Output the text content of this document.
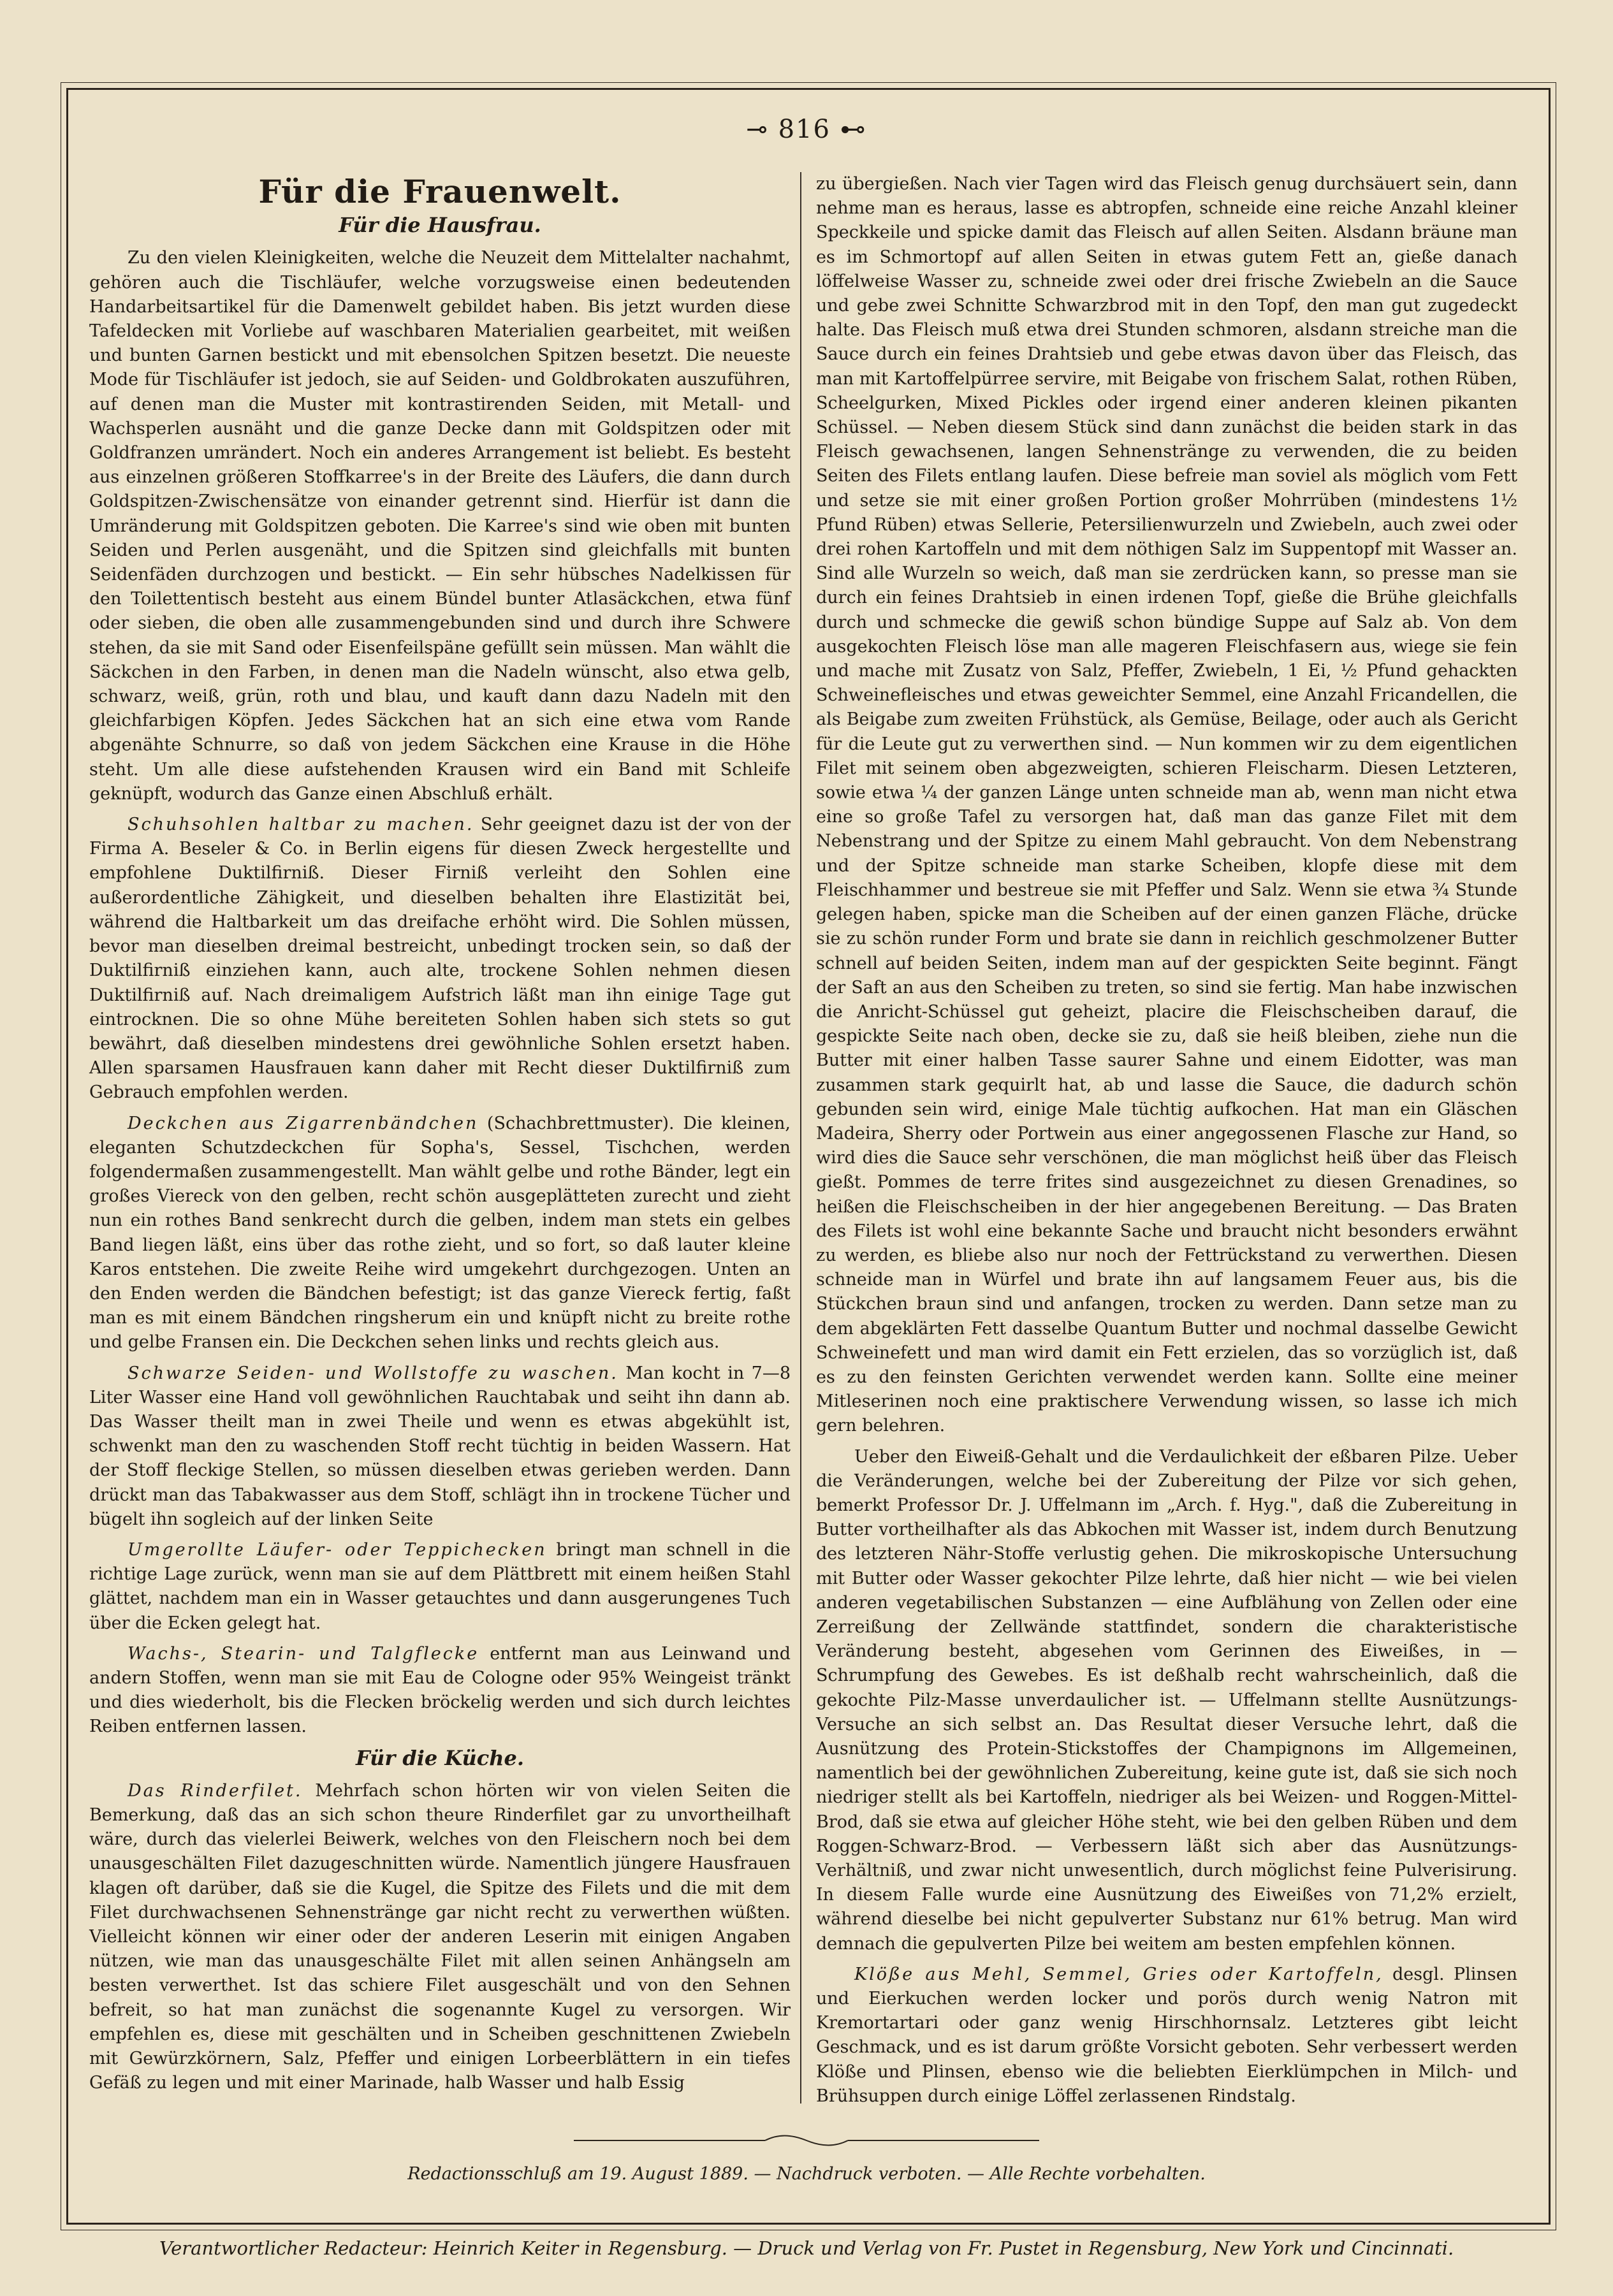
⊸ 816 ⊷
Für die Frauenwelt.
Für die Hausfrau.

Zu den vielen Kleinigkeiten, welche die Neuzeit dem Mittelalter nachahmt, gehören auch die Tischläufer, welche vorzugsweise einen bedeutenden Handarbeitsartikel für die Damenwelt gebildet haben. Bis jetzt wurden diese Tafeldecken mit Vorliebe auf waschbaren Materialien gearbeitet, mit weißen und bunten Garnen bestickt und mit ebensolchen Spitzen besetzt. Die neueste Mode für Tischläufer ist jedoch, sie auf Seiden- und Goldbrokaten auszuführen, auf denen man die Muster mit kontrastirenden Seiden, mit Metall- und Wachsperlen ausnäht und die ganze Decke dann mit Goldspitzen oder mit Goldfranzen umrändert. Noch ein anderes Arrangement ist beliebt. Es besteht aus einzelnen größeren Stoffkarree's in der Breite des Läufers, die dann durch Goldspitzen-Zwischensätze von einander getrennt sind. Hierfür ist dann die Umränderung mit Goldspitzen geboten. Die Karree's sind wie oben mit bunten Seiden und Perlen ausgenäht, und die Spitzen sind gleichfalls mit bunten Seidenfäden durchzogen und bestickt. — Ein sehr hübsches Nadelkissen für den Toilettentisch besteht aus einem Bündel bunter Atlasäckchen, etwa fünf oder sieben, die oben alle zusammengebunden sind und durch ihre Schwere stehen, da sie mit Sand oder Eisenfeilspäne gefüllt sein müssen. Man wählt die Säckchen in den Farben, in denen man die Nadeln wünscht, also etwa gelb, schwarz, weiß, grün, roth und blau, und kauft dann dazu Nadeln mit den gleichfarbigen Köpfen. Jedes Säckchen hat an sich eine etwa vom Rande abgenähte Schnurre, so daß von jedem Säckchen eine Krause in die Höhe steht. Um alle diese aufstehenden Krausen wird ein Band mit Schleife geknüpft, wodurch das Ganze einen Abschluß erhält.

Schuhsohlen haltbar zu machen. Sehr geeignet dazu ist der von der Firma A. Beseler & Co. in Berlin eigens für diesen Zweck hergestellte und empfohlene Duktilfirniß. Dieser Firniß verleiht den Sohlen eine außerordentliche Zähigkeit, und dieselben behalten ihre Elastizität bei, während die Haltbarkeit um das dreifache erhöht wird. Die Sohlen müssen, bevor man dieselben dreimal bestreicht, unbedingt trocken sein, so daß der Duktilfirniß einziehen kann, auch alte, trockene Sohlen nehmen diesen Duktilfirniß auf. Nach dreimaligem Aufstrich läßt man ihn einige Tage gut eintrocknen. Die so ohne Mühe bereiteten Sohlen haben sich stets so gut bewährt, daß dieselben mindestens drei gewöhnliche Sohlen ersetzt haben. Allen sparsamen Hausfrauen kann daher mit Recht dieser Duktilfirniß zum Gebrauch empfohlen werden.

Deckchen aus Zigarrenbändchen (Schachbrettmuster). Die kleinen, eleganten Schutzdeckchen für Sopha's, Sessel, Tischchen, werden folgendermaßen zusammengestellt. Man wählt gelbe und rothe Bänder, legt ein großes Viereck von den gelben, recht schön ausgeplätteten zurecht und zieht nun ein rothes Band senkrecht durch die gelben, indem man stets ein gelbes Band liegen läßt, eins über das rothe zieht, und so fort, so daß lauter kleine Karos entstehen. Die zweite Reihe wird umgekehrt durchgezogen. Unten an den Enden werden die Bändchen befestigt; ist das ganze Viereck fertig, faßt man es mit einem Bändchen ringsherum ein und knüpft nicht zu breite rothe und gelbe Fransen ein. Die Deckchen sehen links und rechts gleich aus.

Schwarze Seiden- und Wollstoffe zu waschen. Man kocht in 7—8 Liter Wasser eine Hand voll gewöhnlichen Rauchtabak und seiht ihn dann ab. Das Wasser theilt man in zwei Theile und wenn es etwas abgekühlt ist, schwenkt man den zu waschenden Stoff recht tüchtig in beiden Wassern. Hat der Stoff fleckige Stellen, so müssen dieselben etwas gerieben werden. Dann drückt man das Tabakwasser aus dem Stoff, schlägt ihn in trockene Tücher und bügelt ihn sogleich auf der linken Seite

Umgerollte Läufer- oder Teppichecken bringt man schnell in die richtige Lage zurück, wenn man sie auf dem Plättbrett mit einem heißen Stahl glättet, nachdem man ein in Wasser getauchtes und dann ausgerungenes Tuch über die Ecken gelegt hat.

Wachs-, Stearin- und Talgflecke entfernt man aus Leinwand und andern Stoffen, wenn man sie mit Eau de Cologne oder 95% Weingeist tränkt und dies wiederholt, bis die Flecken bröckelig werden und sich durch leichtes Reiben entfernen lassen.

Für die Küche.

Das Rinderfilet. Mehrfach schon hörten wir von vielen Seiten die Bemerkung, daß das an sich schon theure Rinderfilet gar zu unvortheilhaft wäre, durch das vielerlei Beiwerk, welches von den Fleischern noch bei dem unausgeschälten Filet dazugeschnitten würde. Namentlich jüngere Hausfrauen klagen oft darüber, daß sie die Kugel, die Spitze des Filets und die mit dem Filet durchwachsenen Sehnenstränge gar nicht recht zu verwerthen wüßten. Vielleicht können wir einer oder der anderen Leserin mit einigen Angaben nützen, wie man das unausgeschälte Filet mit allen seinen Anhängseln am besten verwerthet. Ist das schiere Filet ausgeschält und von den Sehnen befreit, so hat man zunächst die sogenannte Kugel zu versorgen. Wir empfehlen es, diese mit geschälten und in Scheiben geschnittenen Zwiebeln mit Gewürzkörnern, Salz, Pfeffer und einigen Lorbeerblättern in ein tiefes Gefäß zu legen und mit einer Marinade, halb Wasser und halb Essig

zu übergießen. Nach vier Tagen wird das Fleisch genug durchsäuert sein, dann nehme man es heraus, lasse es abtropfen, schneide eine reiche Anzahl kleiner Speckkeile und spicke damit das Fleisch auf allen Seiten. Alsdann bräune man es im Schmortopf auf allen Seiten in etwas gutem Fett an, gieße danach löffelweise Wasser zu, schneide zwei oder drei frische Zwiebeln an die Sauce und gebe zwei Schnitte Schwarzbrod mit in den Topf, den man gut zugedeckt halte. Das Fleisch muß etwa drei Stunden schmoren, alsdann streiche man die Sauce durch ein feines Drahtsieb und gebe etwas davon über das Fleisch, das man mit Kartoffelpürree servire, mit Beigabe von frischem Salat, rothen Rüben, Scheelgurken, Mixed Pickles oder irgend einer anderen kleinen pikanten Schüssel. — Neben diesem Stück sind dann zunächst die beiden stark in das Fleisch gewachsenen, langen Sehnenstränge zu verwenden, die zu beiden Seiten des Filets entlang laufen. Diese befreie man soviel als möglich vom Fett und setze sie mit einer großen Portion großer Mohrrüben (mindestens 1½ Pfund Rüben) etwas Sellerie, Petersilienwurzeln und Zwiebeln, auch zwei oder drei rohen Kartoffeln und mit dem nöthigen Salz im Suppentopf mit Wasser an. Sind alle Wurzeln so weich, daß man sie zerdrücken kann, so presse man sie durch ein feines Drahtsieb in einen irdenen Topf, gieße die Brühe gleichfalls durch und schmecke die gewiß schon bündige Suppe auf Salz ab. Von dem ausgekochten Fleisch löse man alle mageren Fleischfasern aus, wiege sie fein und mache mit Zusatz von Salz, Pfeffer, Zwiebeln, 1 Ei, ½ Pfund gehackten Schweinefleisches und etwas geweichter Semmel, eine Anzahl Fricandellen, die als Beigabe zum zweiten Frühstück, als Gemüse, Beilage, oder auch als Gericht für die Leute gut zu verwerthen sind. — Nun kommen wir zu dem eigentlichen Filet mit seinem oben abgezweigten, schieren Fleischarm. Diesen Letzteren, sowie etwa ¼ der ganzen Länge unten schneide man ab, wenn man nicht etwa eine so große Tafel zu versorgen hat, daß man das ganze Filet mit dem Nebenstrang und der Spitze zu einem Mahl gebraucht. Von dem Nebenstrang und der Spitze schneide man starke Scheiben, klopfe diese mit dem Fleischhammer und bestreue sie mit Pfeffer und Salz. Wenn sie etwa ¾ Stunde gelegen haben, spicke man die Scheiben auf der einen ganzen Fläche, drücke sie zu schön runder Form und brate sie dann in reichlich geschmolzener Butter schnell auf beiden Seiten, indem man auf der gespickten Seite beginnt. Fängt der Saft an aus den Scheiben zu treten, so sind sie fertig. Man habe inzwischen die Anricht-Schüssel gut geheizt, placire die Fleischscheiben darauf, die gespickte Seite nach oben, decke sie zu, daß sie heiß bleiben, ziehe nun die Butter mit einer halben Tasse saurer Sahne und einem Eidotter, was man zusammen stark gequirlt hat, ab und lasse die Sauce, die dadurch schön gebunden sein wird, einige Male tüchtig aufkochen. Hat man ein Gläschen Madeira, Sherry oder Portwein aus einer angegossenen Flasche zur Hand, so wird dies die Sauce sehr verschönen, die man möglichst heiß über das Fleisch gießt. Pommes de terre frites sind ausgezeichnet zu diesen Grenadines, so heißen die Fleischscheiben in der hier angegebenen Bereitung. — Das Braten des Filets ist wohl eine bekannte Sache und braucht nicht besonders erwähnt zu werden, es bliebe also nur noch der Fettrückstand zu verwerthen. Diesen schneide man in Würfel und brate ihn auf langsamem Feuer aus, bis die Stückchen braun sind und anfangen, trocken zu werden. Dann setze man zu dem abgeklärten Fett dasselbe Quantum Butter und nochmal dasselbe Gewicht Schweinefett und man wird damit ein Fett erzielen, das so vorzüglich ist, daß es zu den feinsten Gerichten verwendet werden kann. Sollte eine meiner Mitleserinen noch eine praktischere Verwendung wissen, so lasse ich mich gern belehren.

Ueber den Eiweiß-Gehalt und die Verdaulichkeit der eßbaren Pilze. Ueber die Veränderungen, welche bei der Zubereitung der Pilze vor sich gehen, bemerkt Professor Dr. J. Uffelmann im „Arch. f. Hyg.", daß die Zubereitung in Butter vortheilhafter als das Abkochen mit Wasser ist, indem durch Benutzung des letzteren Nähr-Stoffe verlustig gehen. Die mikroskopische Untersuchung mit Butter oder Wasser gekochter Pilze lehrte, daß hier nicht — wie bei vielen anderen vegetabilischen Substanzen — eine Aufblähung von Zellen oder eine Zerreißung der Zellwände stattfindet, sondern die charakteristische Veränderung besteht, abgesehen vom Gerinnen des Eiweißes, in — Schrumpfung des Gewebes. Es ist deßhalb recht wahrscheinlich, daß die gekochte Pilz-Masse unverdaulicher ist. — Uffelmann stellte Ausnützungs-Versuche an sich selbst an. Das Resultat dieser Versuche lehrt, daß die Ausnützung des Protein-Stickstoffes der Champignons im Allgemeinen, namentlich bei der gewöhnlichen Zubereitung, keine gute ist, daß sie sich noch niedriger stellt als bei Kartoffeln, niedriger als bei Weizen- und Roggen-Mittel-Brod, daß sie etwa auf gleicher Höhe steht, wie bei den gelben Rüben und dem Roggen-Schwarz-Brod. — Verbessern läßt sich aber das Ausnützungs-Verhältniß, und zwar nicht unwesentlich, durch möglichst feine Pulverisirung. In diesem Falle wurde eine Ausnützung des Eiweißes von 71,2% erzielt, während dieselbe bei nicht gepulverter Substanz nur 61% betrug. Man wird demnach die gepulverten Pilze bei weitem am besten empfehlen können.

Klöße aus Mehl, Semmel, Gries oder Kartoffeln, desgl. Plinsen und Eierkuchen werden locker und porös durch wenig Natron mit Kremortartari oder ganz wenig Hirschhornsalz. Letzteres gibt leicht Geschmack, und es ist darum größte Vorsicht geboten. Sehr verbessert werden Klöße und Plinsen, ebenso wie die beliebten Eierklümpchen in Milch- und Brühsuppen durch einige Löffel zerlassenen Rindstalg.

Redactionsschluß am 19. August 1889. — Nachdruck verboten. — Alle Rechte vorbehalten.
Verantwortlicher Redacteur: Heinrich Keiter in Regensburg. — Druck und Verlag von Fr. Pustet in Regensburg, New York und Cincinnati.
